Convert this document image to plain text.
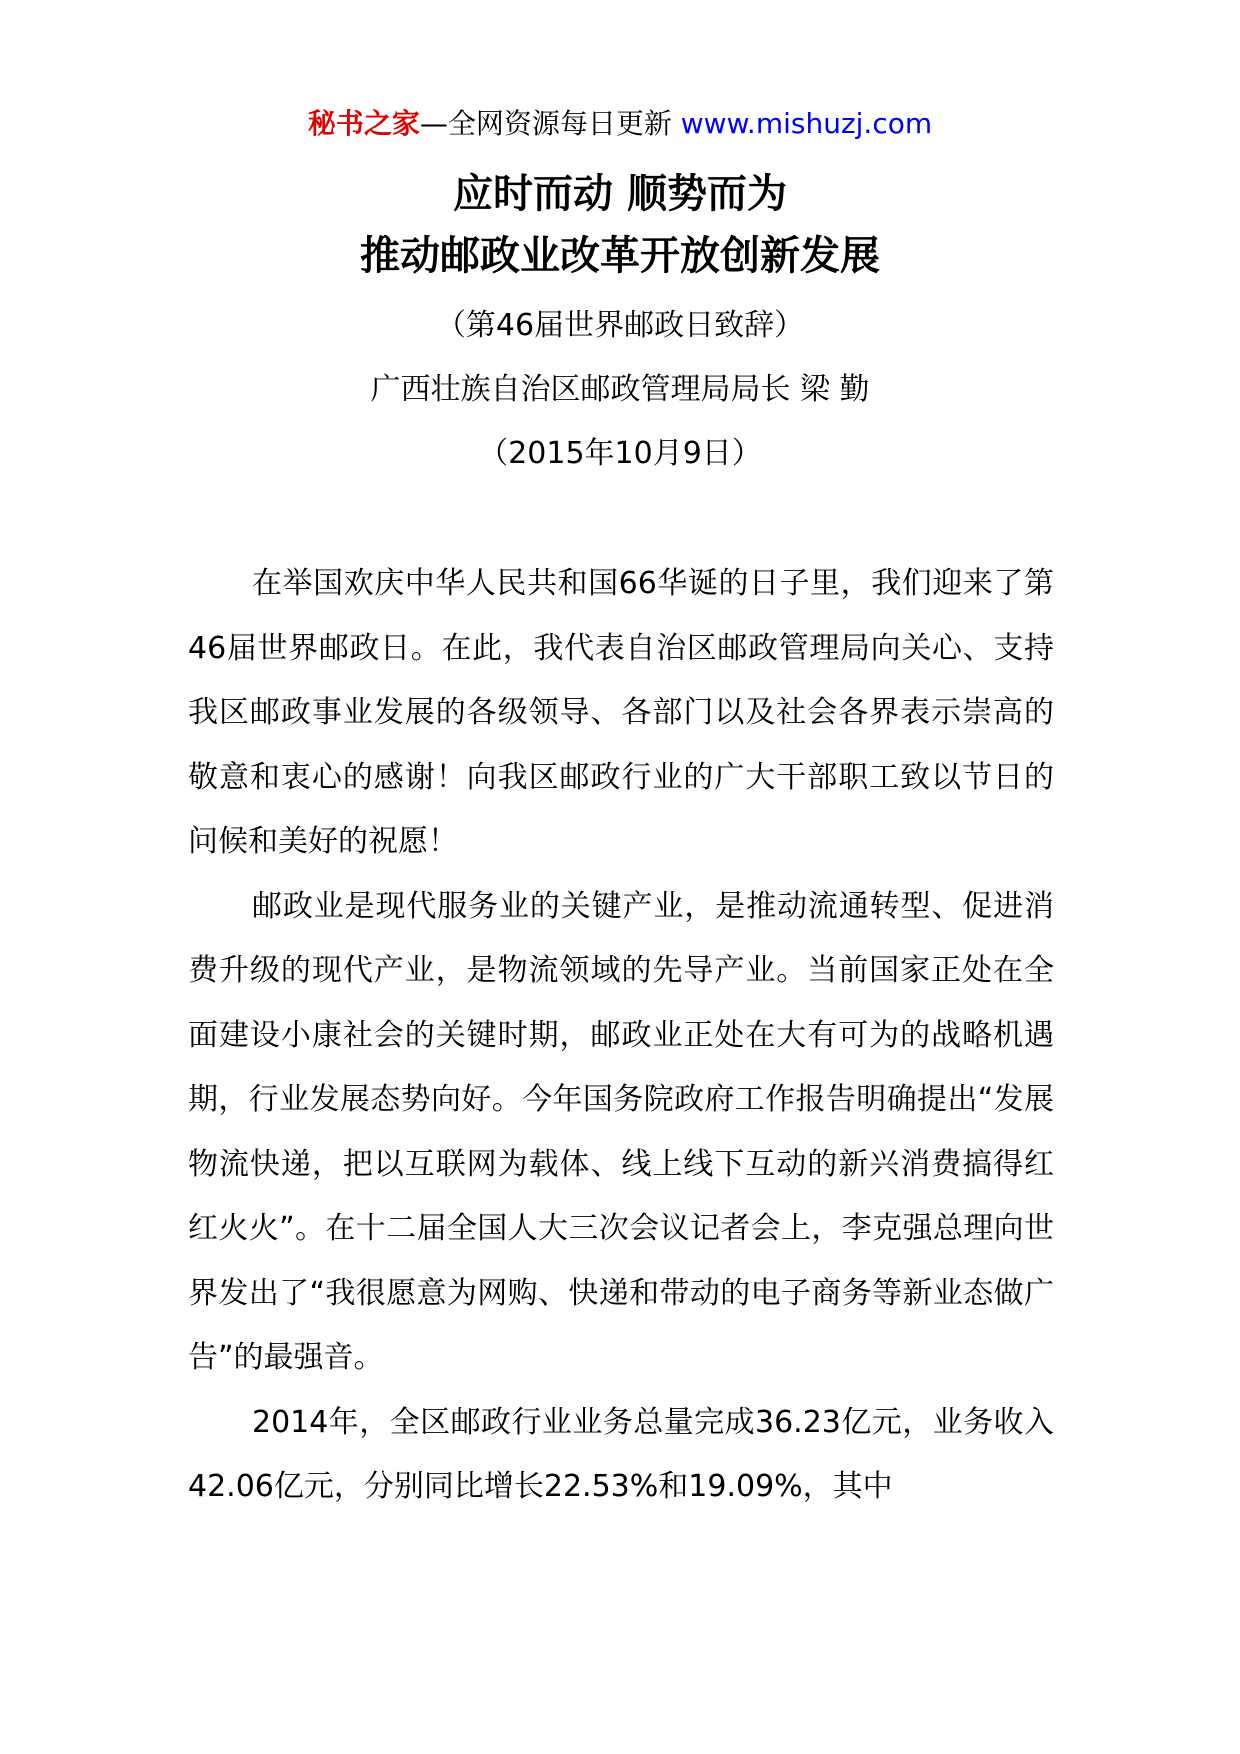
秘书之家—全网资源每日更新 www.mishuzj.com
应时而动 顺势而为
推动邮政业改革开放创新发展
（第46届世界邮政日致辞）
广西壮族自治区邮政管理局局长 梁 勤
（2015年10月9日）

在举国欢庆中华人民共和国66华诞的日子里，我们迎来了第46届世界邮政日。在此，我代表自治区邮政管理局向关心、支持我区邮政事业发展的各级领导、各部门以及社会各界表示崇高的敬意和衷心的感谢！向我区邮政行业的广大干部职工致以节日的问候和美好的祝愿！

邮政业是现代服务业的关键产业，是推动流通转型、促进消费升级的现代产业，是物流领域的先导产业。当前国家正处在全面建设小康社会的关键时期，邮政业正处在大有可为的战略机遇期，行业发展态势向好。今年国务院政府工作报告明确提出“发展物流快递，把以互联网为载体、线上线下互动的新兴消费搞得红红火火”。在十二届全国人大三次会议记者会上，李克强总理向世界发出了“我很愿意为网购、快递和带动的电子商务等新业态做广告”的最强音。

2014年，全区邮政行业业务总量完成36.23亿元，业务收入42.06亿元，分别同比增长22.53%和19.09%，其中
